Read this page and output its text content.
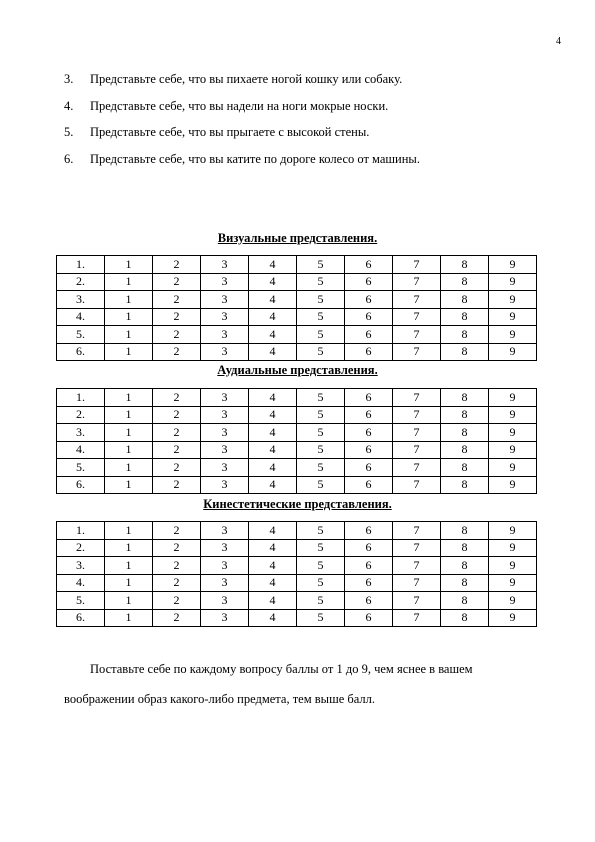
4
3.	Представьте себе, что вы пихаете ногой кошку или собаку.
4.	Представьте себе, что вы надели на ноги мокрые носки.
5.	Представьте себе, что вы прыгаете с высокой стены.
6.	Представьте себе, что вы катите по дороге колесо от машины.
Визуальные представления.
1.	1	2	3	4	5	6	7	8	9
2.	1	2	3	4	5	6	7	8	9
3.	1	2	3	4	5	6	7	8	9
4.	1	2	3	4	5	6	7	8	9
5.	1	2	3	4	5	6	7	8	9
6.	1	2	3	4	5	6	7	8	9
Аудиальные представления.
1.	1	2	3	4	5	6	7	8	9
2.	1	2	3	4	5	6	7	8	9
3.	1	2	3	4	5	6	7	8	9
4.	1	2	3	4	5	6	7	8	9
5.	1	2	3	4	5	6	7	8	9
6.	1	2	3	4	5	6	7	8	9
Кинестетические представления.
1.	1	2	3	4	5	6	7	8	9
2.	1	2	3	4	5	6	7	8	9
3.	1	2	3	4	5	6	7	8	9
4.	1	2	3	4	5	6	7	8	9
5.	1	2	3	4	5	6	7	8	9
6.	1	2	3	4	5	6	7	8	9
Поставьте себе по каждому вопросу баллы от 1 до 9, чем яснее в вашем воображении образ какого-либо предмета, тем выше балл.
